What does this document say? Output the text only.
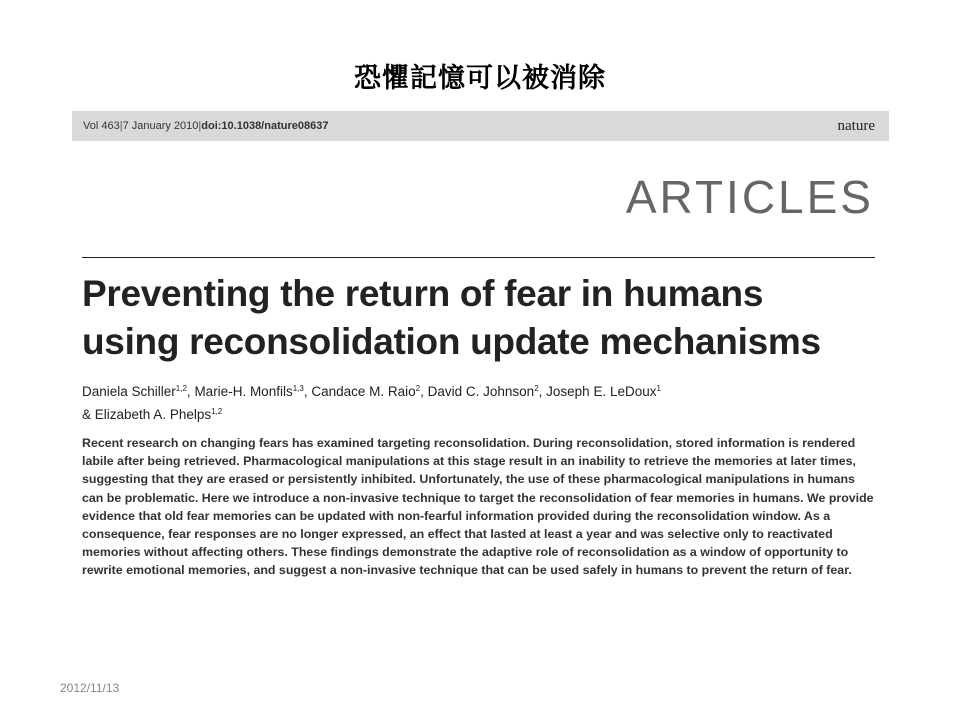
恐懼記憶可以被消除
Vol 463|7 January 2010|doi:10.1038/nature08637	nature
ARTICLES
Preventing the return of fear in humans
using reconsolidation update mechanisms
Daniela Schiller$^{1,2}$, Marie-H. Monfils$^{1,3}$, Candace M. Raio$^2$, David C. Johnson$^2$, Joseph E. LeDoux$^1$
& Elizabeth A. Phelps$^{1,2}$
Recent research on changing fears has examined targeting reconsolidation. During reconsolidation, stored information is rendered labile after being retrieved. Pharmacological manipulations at this stage result in an inability to retrieve the memories at later times, suggesting that they are erased or persistently inhibited. Unfortunately, the use of these pharmacological manipulations in humans can be problematic. Here we introduce a non-invasive technique to target the reconsolidation of fear memories in humans. We provide evidence that old fear memories can be updated with non-fearful information provided during the reconsolidation window. As a consequence, fear responses are no longer expressed, an effect that lasted at least a year and was selective only to reactivated memories without affecting others. These findings demonstrate the adaptive role of reconsolidation as a window of opportunity to rewrite emotional memories, and suggest a non-invasive technique that can be used safely in humans to prevent the return of fear.
2012/11/13
